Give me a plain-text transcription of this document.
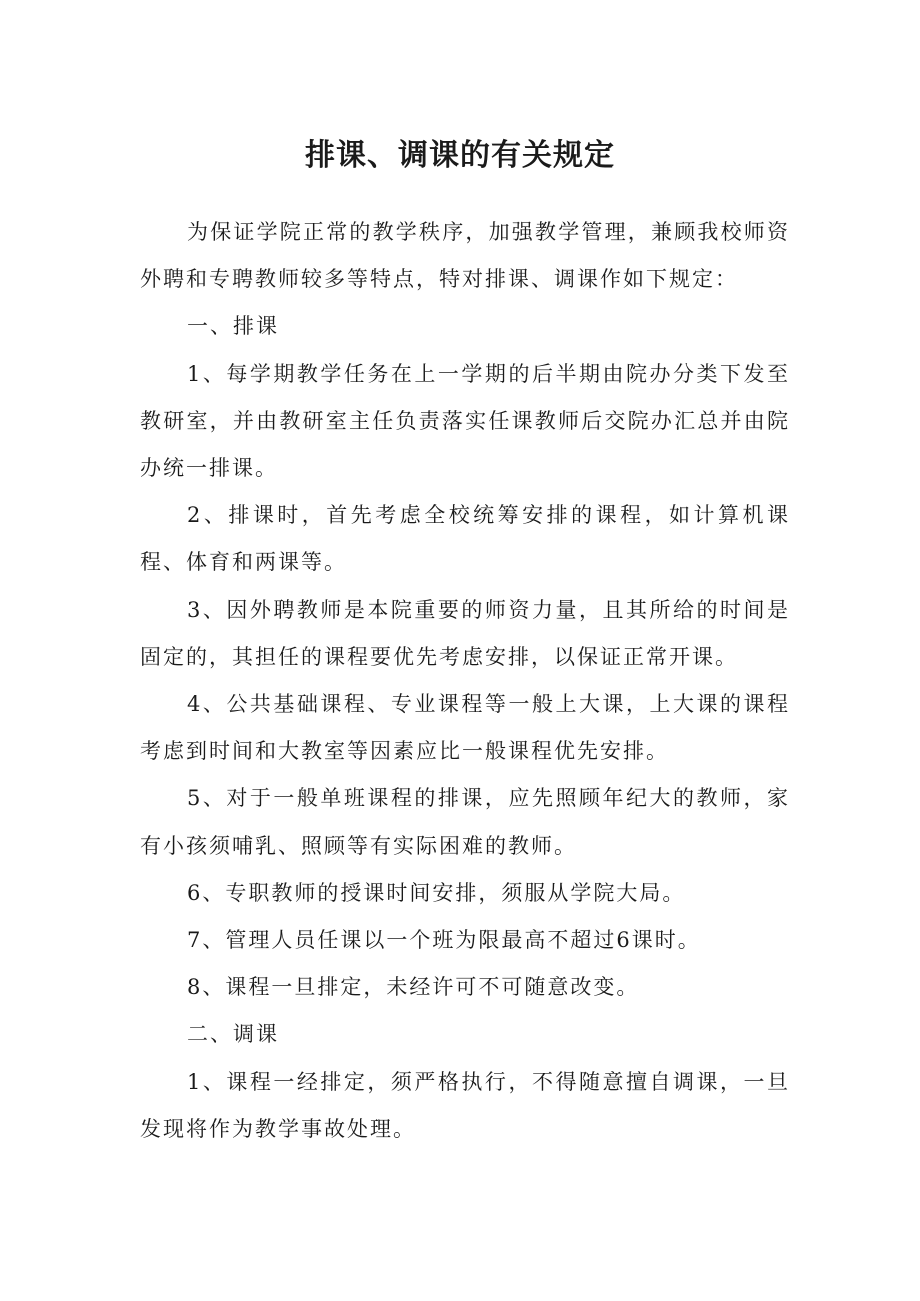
排课、调课的有关规定

为保证学院正常的教学秩序，加强教学管理，兼顾我校师资外聘和专聘教师较多等特点，特对排课、调课作如下规定：

一、排课

1、每学期教学任务在上一学期的后半期由院办分类下发至教研室，并由教研室主任负责落实任课教师后交院办汇总并由院办统一排课。

2、排课时，首先考虑全校统筹安排的课程，如计算机课程、体育和两课等。

3、因外聘教师是本院重要的师资力量，且其所给的时间是固定的，其担任的课程要优先考虑安排，以保证正常开课。

4、公共基础课程、专业课程等一般上大课，上大课的课程考虑到时间和大教室等因素应比一般课程优先安排。

5、对于一般单班课程的排课，应先照顾年纪大的教师，家有小孩须哺乳、照顾等有实际困难的教师。

6、专职教师的授课时间安排，须服从学院大局。

7、管理人员任课以一个班为限最高不超过6课时。

8、课程一旦排定，未经许可不可随意改变。

二、调课

1、课程一经排定，须严格执行，不得随意擅自调课，一旦发现将作为教学事故处理。
